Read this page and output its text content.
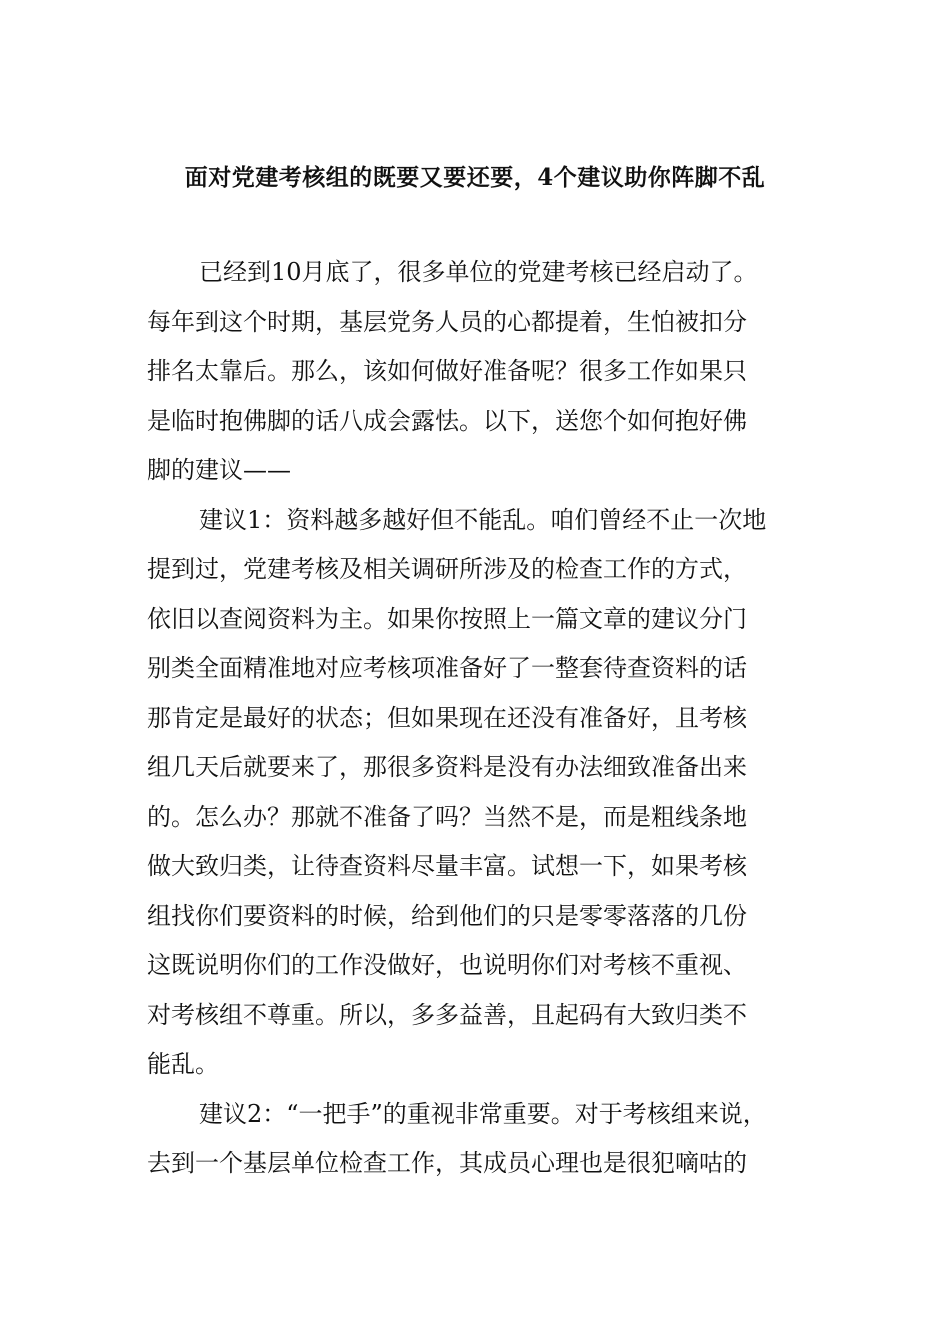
面对党建考核组的既要又要还要，4个建议助你阵脚不乱

已经到10月底了，很多单位的党建考核已经启动了。
每年到这个时期，基层党务人员的心都提着，生怕被扣分
排名太靠后。那么，该如何做好准备呢？很多工作如果只
是临时抱佛脚的话八成会露怯。以下，送您个如何抱好佛
脚的建议——

建议1：资料越多越好但不能乱。咱们曾经不止一次地
提到过，党建考核及相关调研所涉及的检查工作的方式，
依旧以查阅资料为主。如果你按照上一篇文章的建议分门
别类全面精准地对应考核项准备好了一整套待查资料的话
那肯定是最好的状态；但如果现在还没有准备好，且考核
组几天后就要来了，那很多资料是没有办法细致准备出来
的。怎么办？那就不准备了吗？当然不是，而是粗线条地
做大致归类，让待查资料尽量丰富。试想一下，如果考核
组找你们要资料的时候，给到他们的只是零零落落的几份
这既说明你们的工作没做好，也说明你们对考核不重视、
对考核组不尊重。所以，多多益善，且起码有大致归类不
能乱。

建议2：“一把手”的重视非常重要。对于考核组来说，
去到一个基层单位检查工作，其成员心理也是很犯嘀咕的
